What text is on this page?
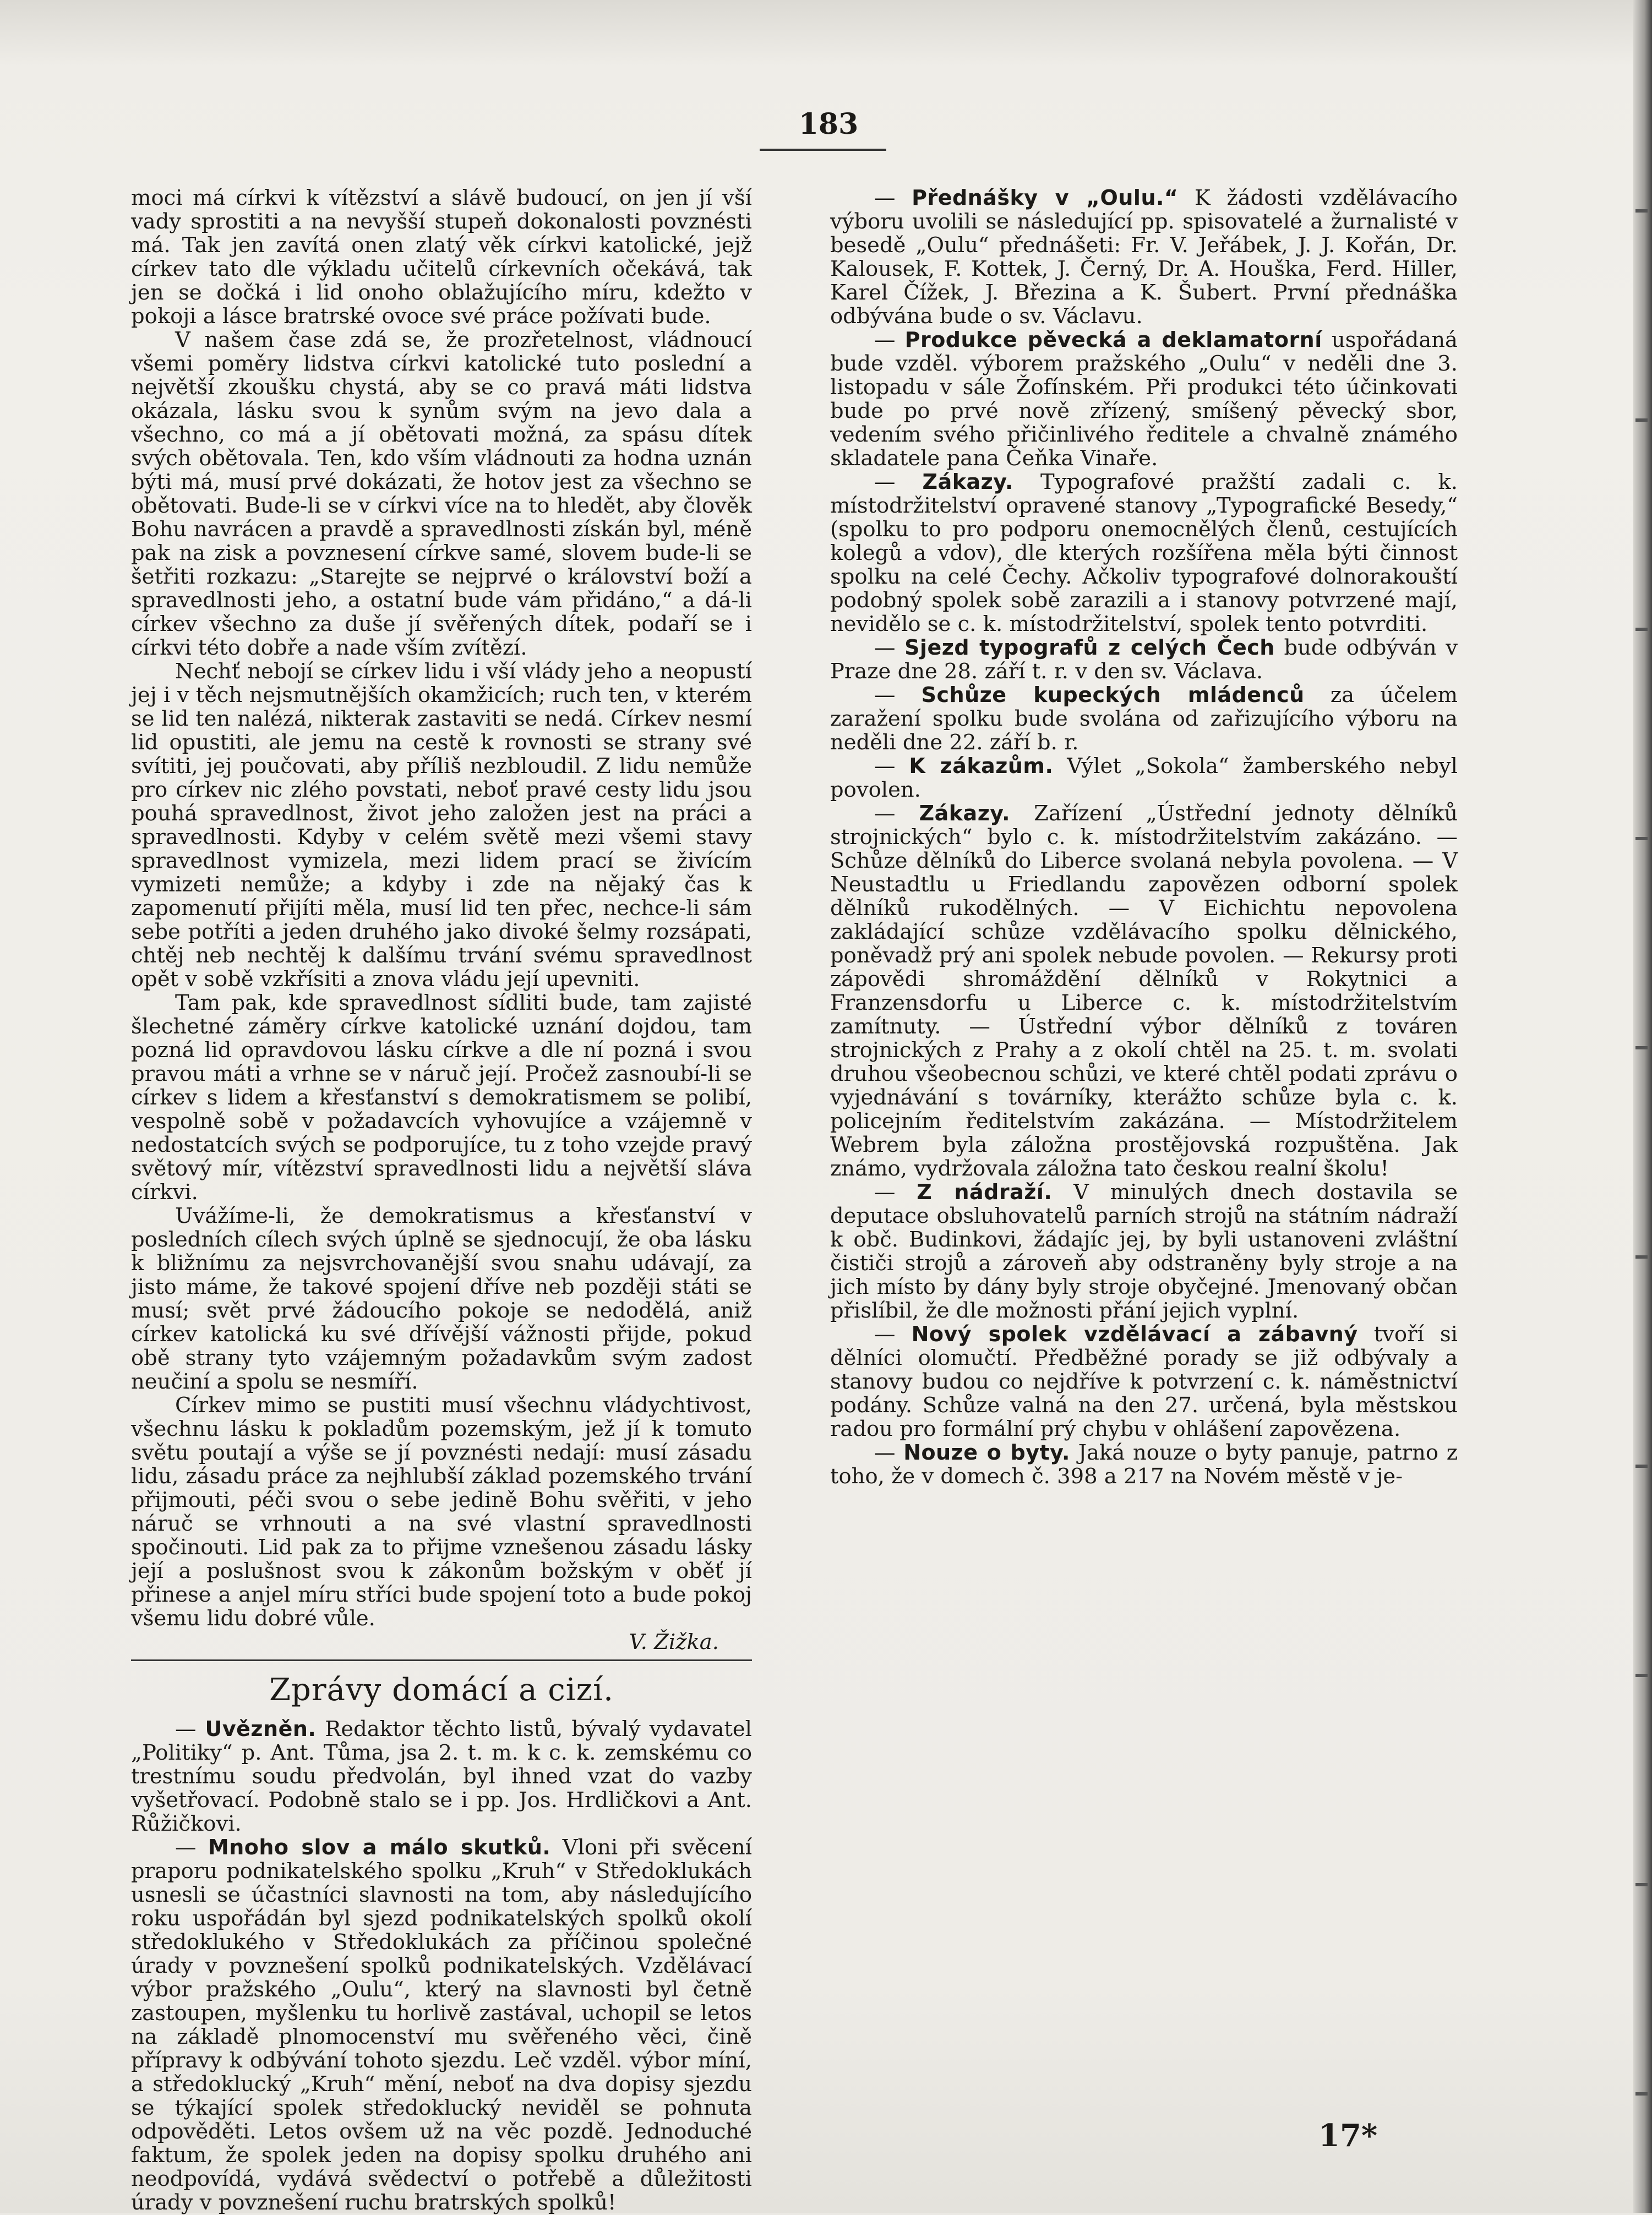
183

moci má církvi k vítězství a slávě budoucí, on jen jí vší vady sprostiti a na nevyšší stupeň dokonalosti povznésti má. Tak jen zavítá onen zlatý věk církvi katolické, jejž církev tato dle výkladu učitelů církevních očekává, tak jen se dočká i lid onoho oblažujícího míru, kdežto v pokoji a lásce bratrské ovoce své práce požívati bude.

V našem čase zdá se, že prozřetelnost, vládnoucí všemi poměry lidstva církvi katolické tuto poslední a největší zkoušku chystá, aby se co pravá máti lidstva okázala, lásku svou k synům svým na jevo dala a všechno, co má a jí obětovati možná, za spásu dítek svých obětovala. Ten, kdo vším vládnouti za hodna uznán býti má, musí prvé dokázati, že hotov jest za všechno se obětovati. Bude-li se v církvi více na to hledět, aby člověk Bohu navrácen a pravdě a spravedlnosti získán byl, méně pak na zisk a povznesení církve samé, slovem bude-li se šetřiti rozkazu: „Starejte se nejprvé o království boží a spravedlnosti jeho, a ostatní bude vám přidáno,“ a dá-li církev všechno za duše jí svěřených dítek, podaří se i církvi této dobře a nade vším zvítězí.

Nechť nebojí se církev lidu i vší vlády jeho a neopustí jej i v těch nejsmutnějších okamžicích; ruch ten, v kterém se lid ten nalézá, nikterak zastaviti se nedá. Církev nesmí lid opustiti, ale jemu na cestě k rovnosti se strany své svítiti, jej poučovati, aby příliš nezbloudil. Z lidu nemůže pro církev nic zlého povstati, neboť pravé cesty lidu jsou pouhá spravedlnost, život jeho založen jest na práci a spravedlnosti. Kdyby v celém světě mezi všemi stavy spravedlnost vymizela, mezi lidem prací se živícím vymizeti nemůže; a kdyby i zde na nějaký čas k zapomenutí přijíti měla, musí lid ten přec, nechce-li sám sebe potříti a jeden druhého jako divoké šelmy rozsápati, chtěj neb nechtěj k dalšímu trvání svému spravedlnost opět v sobě vzkřísiti a znova vládu její upevniti.

Tam pak, kde spravedlnost sídliti bude, tam zajisté šlechetné záměry církve katolické uznání dojdou, tam pozná lid opravdovou lásku církve a dle ní pozná i svou pravou máti a vrhne se v náruč její. Pročež zasnoubí-li se církev s lidem a křesťanství s demokratismem se polibí, vespolně sobě v požadavcích vyhovujíce a vzájemně v nedostatcích svých se podporujíce, tu z toho vzejde pravý světový mír, vítězství spravedlnosti lidu a největší sláva církvi.

Uvážíme-li, že demokratismus a křesťanství v posledních cílech svých úplně se sjednocují, že oba lásku k bližnímu za nejsvrchovanější svou snahu udávají, za jisto máme, že takové spojení dříve neb později státi se musí; svět prvé žádoucího pokoje se nedodělá, aniž církev katolická ku své dřívější vážnosti přijde, pokud obě strany tyto vzájemným požadavkům svým zadost neučiní a spolu se nesmíří.

Církev mimo se pustiti musí všechnu vládychtivost, všechnu lásku k pokladům pozemským, jež jí k tomuto světu poutají a výše se jí povznésti nedají: musí zásadu lidu, zásadu práce za nejhlubší základ pozemského trvání přijmouti, péči svou o sebe jedině Bohu svěřiti, v jeho náruč se vrhnouti a na své vlastní spravedlnosti spočinouti. Lid pak za to přijme vznešenou zásadu lásky její a poslušnost svou k zákonům božským v oběť jí přinese a anjel míru stříci bude spojení toto a bude pokoj všemu lidu dobré vůle.

V. Žižka.

Zprávy domácí a cizí.

— Uvězněn. Redaktor těchto listů, bývalý vydavatel „Politiky“ p. Ant. Tůma, jsa 2. t. m. k c. k. zemskému co trestnímu soudu předvolán, byl ihned vzat do vazby vyšetřovací. Podobně stalo se i pp. Jos. Hrdličkovi a Ant. Růžičkovi.

— Mnoho slov a málo skutků. Vloni při svěcení praporu podnikatelského spolku „Kruh“ v Středoklukách usnesli se účastníci slavnosti na tom, aby následujícího roku uspořádán byl sjezd podnikatelských spolků okolí středoklukého v Středoklukách za příčinou společné úrady v povznešení spolků podnikatelských. Vzdělávací výbor pražského „Oulu“, který na slavnosti byl četně zastoupen, myšlenku tu horlivě zastával, uchopil se letos na základě plnomocenství mu svěřeného věci, čině přípravy k odbývání tohoto sjezdu. Leč vzděl. výbor míní, a středoklucký „Kruh“ mění, neboť na dva dopisy sjezdu se týkající spolek středoklucký neviděl se pohnuta odpověděti. Letos ovšem už na věc pozdě. Jednoduché faktum, že spolek jeden na dopisy spolku druhého ani neodpovídá, vydává svědectví o potřebě a důležitosti úrady v povznešení ruchu bratrských spolků!

— Přednášky v „Oulu.“ K žádosti vzdělávacího výboru uvolili se následující pp. spisovatelé a žurnalisté v besedě „Oulu“ přednášeti: Fr. V. Jeřábek, J. J. Kořán, Dr. Kalousek, F. Kottek, J. Černý, Dr. A. Houška, Ferd. Hiller, Karel Čížek, J. Březina a K. Šubert. První přednáška odbývána bude o sv. Václavu.

— Produkce pěvecká a deklamatorní uspořádaná bude vzděl. výborem pražského „Oulu“ v neděli dne 3. listopadu v sále Žofínském. Při produkci této účinkovati bude po prvé nově zřízený, smíšený pěvecký sbor, vedením svého přičinlivého ředitele a chvalně známého skladatele pana Čeňka Vinaře.

— Zákazy. Typografové pražští zadali c. k. místodržitelství opravené stanovy „Typografické Besedy,“ (spolku to pro podporu onemocnělých členů, cestujících kolegů a vdov), dle kterých rozšířena měla býti činnost spolku na celé Čechy. Ačkoliv typografové dolnorakouští podobný spolek sobě zarazili a i stanovy potvrzené mají, nevidělo se c. k. místodržitelství, spolek tento potvrditi.

— Sjezd typografů z celých Čech bude odbýván v Praze dne 28. září t. r. v den sv. Václava.

— Schůze kupeckých mládenců za účelem zaražení spolku bude svolána od zařizujícího výboru na neděli dne 22. září b. r.

— K zákazům. Výlet „Sokola“ žamberského nebyl povolen.

— Zákazy. Zařízení „Ústřední jednoty dělníků strojnických“ bylo c. k. místodržitelstvím zakázáno. — Schůze dělníků do Liberce svolaná nebyla povolena. — V Neustadtlu u Friedlandu zapovězen odborní spolek dělníků rukodělných. — V Eichichtu nepovolena zakládající schůze vzdělávacího spolku dělnického, poněvadž prý ani spolek nebude povolen. — Rekursy proti zápovědi shromáždění dělníků v Rokytnici a Franzensdorfu u Liberce c. k. místodržitelstvím zamítnuty. — Ústřední výbor dělníků z továren strojnických z Prahy a z okolí chtěl na 25. t. m. svolati druhou všeobecnou schůzi, ve které chtěl podati zprávu o vyjednávání s továrníky, kterážto schůze byla c. k. policejním ředitelstvím zakázána. — Místodržitelem Webrem byla záložna prostějovská rozpuštěna. Jak známo, vydržovala záložna tato českou realní školu!

— Z nádraží. V minulých dnech dostavila se deputace obsluhovatelů parních strojů na státním nádraží k obč. Budinkovi, žádajíc jej, by byli ustanoveni zvláštní čističi strojů a zároveň aby odstraněny byly stroje a na jich místo by dány byly stroje obyčejné. Jmenovaný občan přislíbil, že dle možnosti přání jejich vyplní.

— Nový spolek vzdělávací a zábavný tvoří si dělníci olomučtí. Předběžné porady se již odbývaly a stanovy budou co nejdříve k potvrzení c. k. náměstnictví podány. Schůze valná na den 27. určená, byla městskou radou pro formální prý chybu v ohlášení zapovězena.

— Nouze o byty. Jaká nouze o byty panuje, patrno z toho, že v domech č. 398 a 217 na Novém městě v je-

17*
